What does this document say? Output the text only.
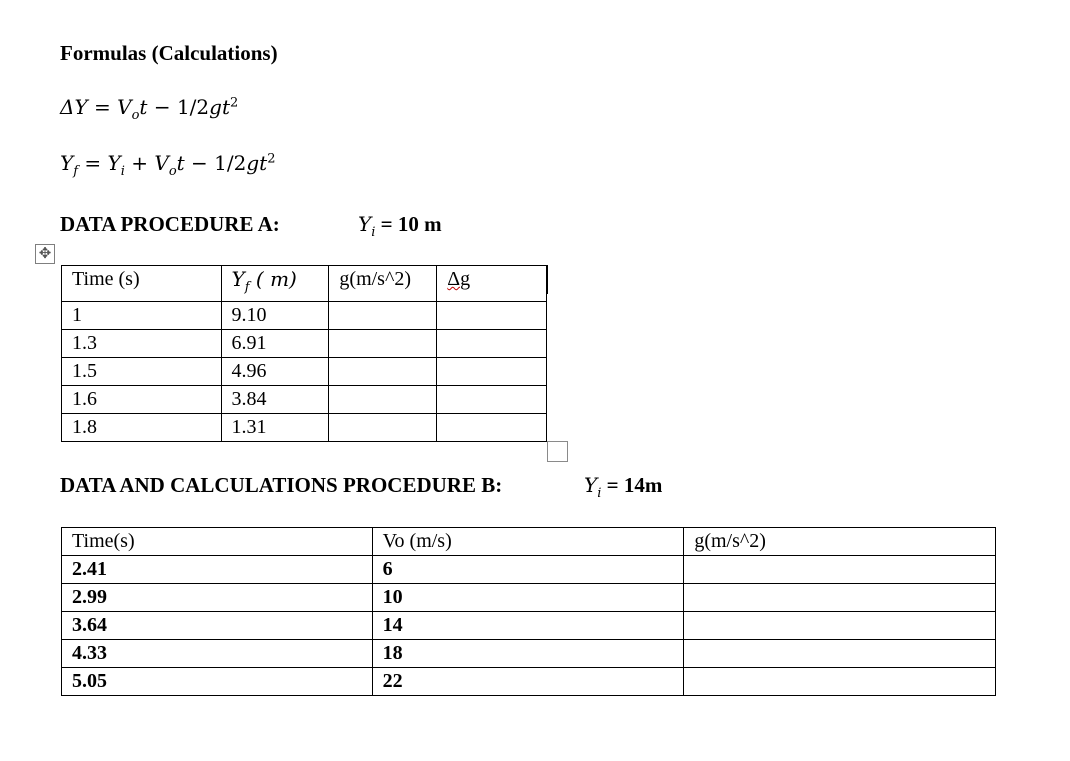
Formulas (Calculations)
$\Delta Y = V_ot - 1/2gt^2$
$Y_f = Y_i + V_ot - 1/2gt^2$
DATA PROCEDURE A:	$Y_i = 10$ m
✥
Time (s)	$Y_f$ ( m)	g(m/s^2)	Δg
1	9.10		
1.3	6.91		
1.5	4.96		
1.6	3.84		
1.8	1.31		
DATA AND CALCULATIONS PROCEDURE B:	$Y_i = 14m$
Time(s)	Vo (m/s)	g(m/s^2)
2.41	6	
2.99	10	
3.64	14	
4.33	18	
5.05	22	
